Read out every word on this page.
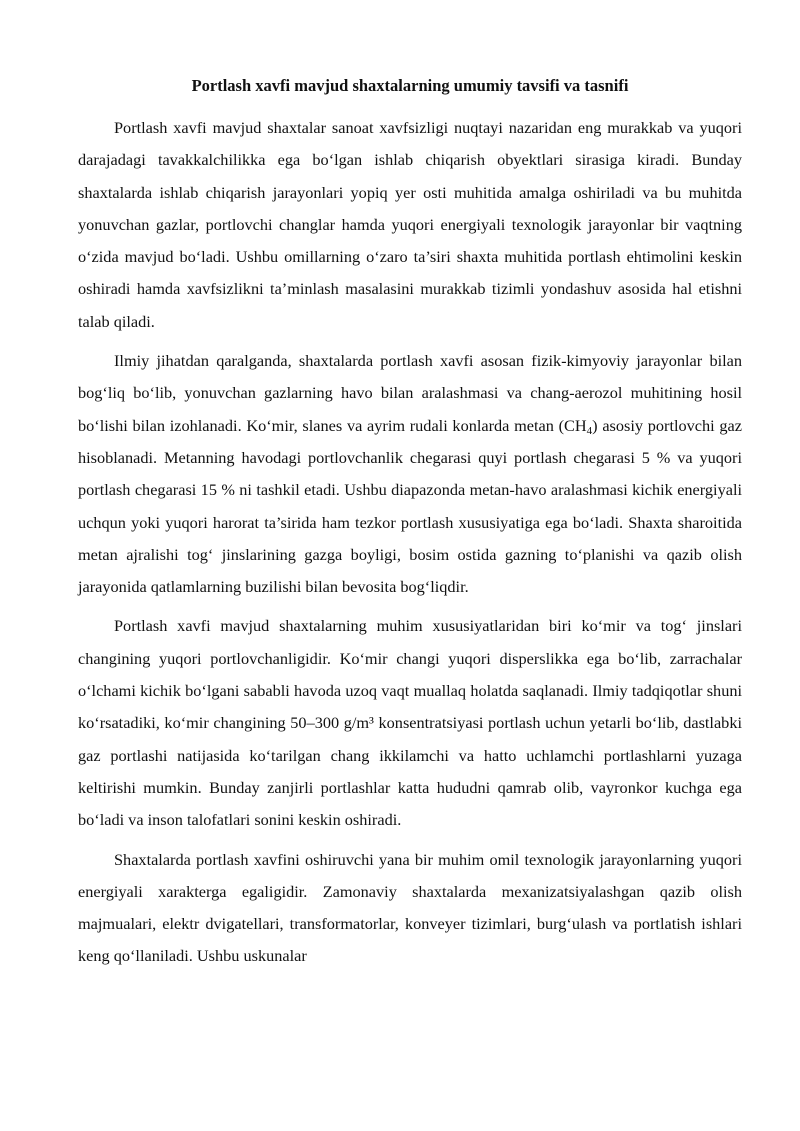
Portlash xavfi mavjud shaxtalarning umumiy tavsifi va tasnifi

Portlash xavfi mavjud shaxtalar sanoat xavfsizligi nuqtayi nazaridan eng murakkab va yuqori darajadagi tavakkalchilikka ega bo‘lgan ishlab chiqarish obyektlari sirasiga kiradi. Bunday shaxtalarda ishlab chiqarish jarayonlari yopiq yer osti muhitida amalga oshiriladi va bu muhitda yonuvchan gazlar, portlovchi changlar hamda yuqori energiyali texnologik jarayonlar bir vaqtning o‘zida mavjud bo‘ladi. Ushbu omillarning o‘zaro ta’siri shaxta muhitida portlash ehtimolini keskin oshiradi hamda xavfsizlikni ta’minlash masalasini murakkab tizimli yondashuv asosida hal etishni talab qiladi.

Ilmiy jihatdan qaralganda, shaxtalarda portlash xavfi asosan fizik-kimyoviy jarayonlar bilan bog‘liq bo‘lib, yonuvchan gazlarning havo bilan aralashmasi va chang-aerozol muhitining hosil bo‘lishi bilan izohlanadi. Ko‘mir, slanes va ayrim rudali konlarda metan $(CH_4)$ asosiy portlovchi gaz hisoblanadi. Metanning havodagi portlovchanlik chegarasi quyi portlash chegarasi 5 % va yuqori portlash chegarasi 15 % ni tashkil etadi. Ushbu diapazonda metan-havo aralashmasi kichik energiyali uchqun yoki yuqori harorat ta’sirida ham tezkor portlash xususiyatiga ega bo‘ladi. Shaxta sharoitida metan ajralishi tog‘ jinslarining gazga boyligi, bosim ostida gazning to‘planishi va qazib olish jarayonida qatlamlarning buzilishi bilan bevosita bog‘liqdir.

Portlash xavfi mavjud shaxtalarning muhim xususiyatlaridan biri ko‘mir va tog‘ jinslari changining yuqori portlovchanligidir. Ko‘mir changi yuqori disperslikka ega bo‘lib, zarrachalar o‘lchami kichik bo‘lgani sababli havoda uzoq vaqt muallaq holatda saqlanadi. Ilmiy tadqiqotlar shuni ko‘rsatadiki, ko‘mir changining 50–300 g/m³ konsentratsiyasi portlash uchun yetarli bo‘lib, dastlabki gaz portlashi natijasida ko‘tarilgan chang ikkilamchi va hatto uchlamchi portlashlarni yuzaga keltirishi mumkin. Bunday zanjirli portlashlar katta hududni qamrab olib, vayronkor kuchga ega bo‘ladi va inson talofatlari sonini keskin oshiradi.

Shaxtalarda portlash xavfini oshiruvchi yana bir muhim omil texnologik jarayonlarning yuqori energiyali xarakterga egaligidir. Zamonaviy shaxtalarda mexanizatsiyalashgan qazib olish majmualari, elektr dvigatellari, transformatorlar, konveyer tizimlari, burg‘ulash va portlatish ishlari keng qo‘llaniladi. Ushbu uskunalar
